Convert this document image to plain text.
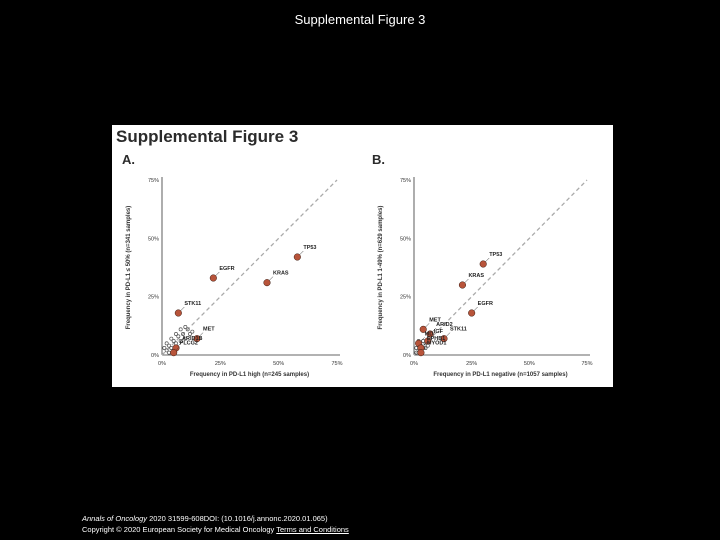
Supplemental Figure 3
Supplemental Figure 3
A.	B.
0%	25%	50%	75%
0%
25%
50%
75%
Frequency in PD-L1 high (n=245 samples)
Frequency in PD-L1 ≤ 50% (n=341 samples)	TP53
EGFR
KRAS
STK11
MET
ARID1B
PLCG2
0%	25%	50%	75%
0%
25%
50%
75%
Frequency in PD-L1 negative (n=1057 samples)
Frequency in PD-L1 1-49% (n=629 samples)	TP53
KRAS
EGFR
MET
ARID2
STK11
IGF
MD
EPHB1
MYOD1
Annals of Oncology 2020 31599-608DOI: (10.1016/j.annonc.2020.01.065)
Copyright © 2020 European Society for Medical Oncology Terms and Conditions
